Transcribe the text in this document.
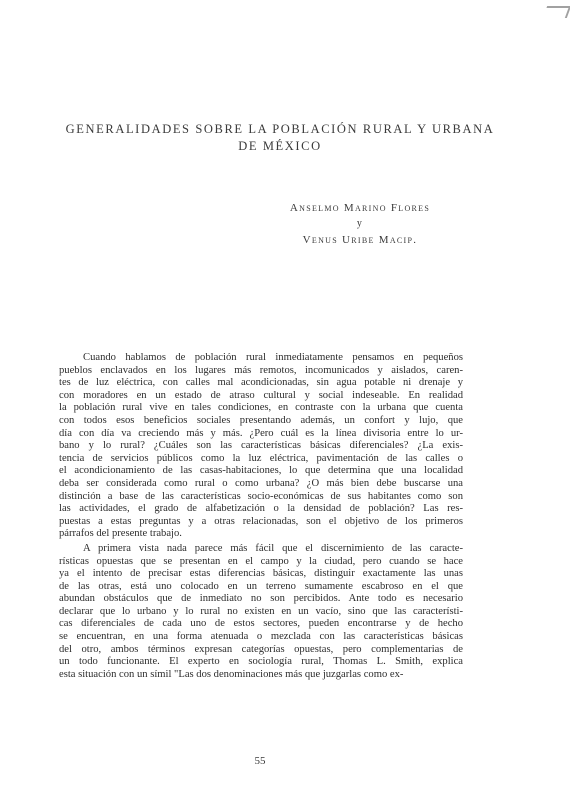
GENERALIDADES SOBRE LA POBLACIÓN RURAL Y URBANA
DE MÉXICO
Anselmo Marino Flores
y
Venus Uribe Macip.
Cuando hablamos de población rural inmediatamente pensamos en pequeños
pueblos enclavados en los lugares más remotos, incomunicados y aislados, caren-
tes de luz eléctrica, con calles mal acondicionadas, sin agua potable ni drenaje y
con moradores en un estado de atraso cultural y social indeseable. En realidad
la población rural vive en tales condiciones, en contraste con la urbana que cuenta
con todos esos beneficios sociales presentando además, un confort y lujo, que
día con día va creciendo más y más. ¿Pero cuál es la línea divisoria entre lo ur-
bano y lo rural? ¿Cuáles son las características básicas diferenciales? ¿La exis-
tencia de servicios públicos como la luz eléctrica, pavimentación de las calles o
el acondicionamiento de las casas-habitaciones, lo que determina que una localidad
deba ser considerada como rural o como urbana? ¿O más bien debe buscarse una
distinción a base de las características socio-económicas de sus habitantes como son
las actividades, el grado de alfabetización o la densidad de población? Las res-
puestas a estas preguntas y a otras relacionadas, son el objetivo de los primeros
párrafos del presente trabajo.
A primera vista nada parece más fácil que el discernimiento de las caracte-
rísticas opuestas que se presentan en el campo y la ciudad, pero cuando se hace
ya el intento de precisar estas diferencias básicas, distinguir exactamente las unas
de las otras, está uno colocado en un terreno sumamente escabroso en el que
abundan obstáculos que de inmediato no son percibidos. Ante todo es necesario
declarar que lo urbano y lo rural no existen en un vacío, sino que las característi-
cas diferenciales de cada uno de estos sectores, pueden encontrarse y de hecho
se encuentran, en una forma atenuada o mezclada con las características básicas
del otro, ambos términos expresan categorías opuestas, pero complementarias de
un todo funcionante. El experto en sociología rural, Thomas L. Smith, explica
esta situación con un símil "Las dos denominaciones más que juzgarlas como ex-
55
